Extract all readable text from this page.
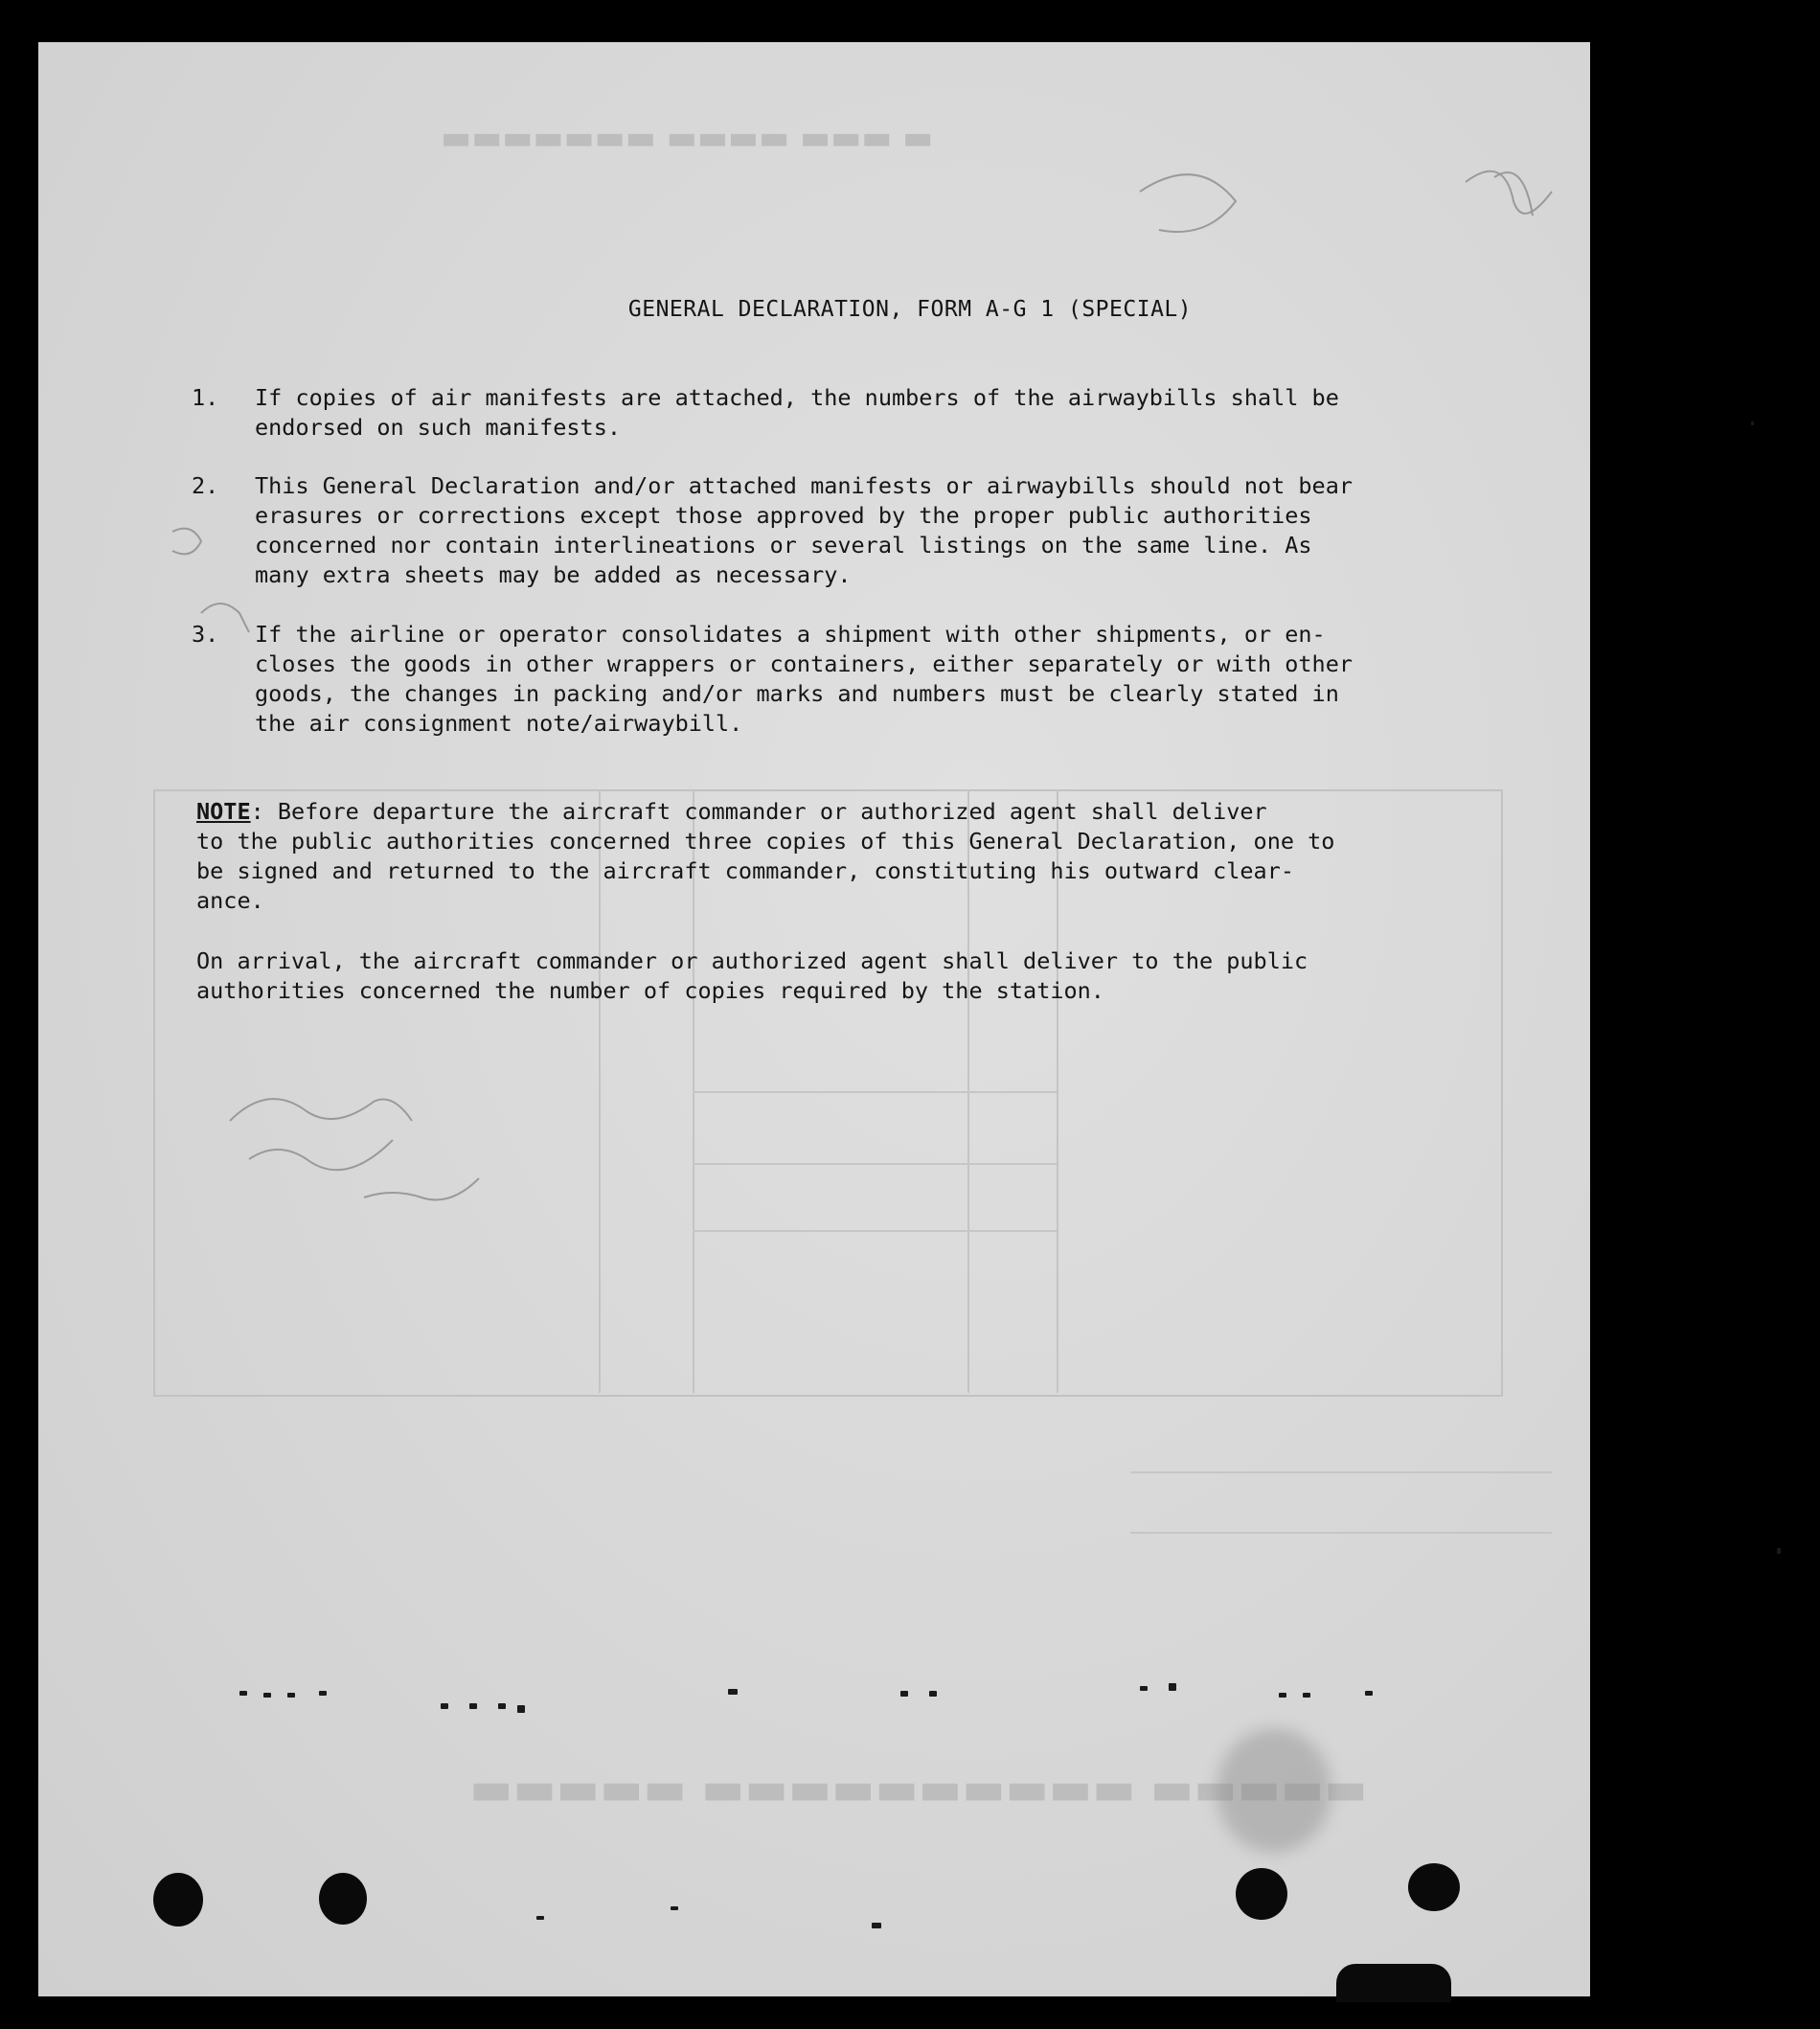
▬ ▬▬▬ ▬▬▬▬ ▬▬▬▬▬▬▬
▬▬▬▬▬ ▬▬▬▬▬▬▬▬▬▬ ▬▬▬▬▬
GENERAL DECLARATION, FORM A-G 1 (SPECIAL)
1. If copies of air manifests are attached, the numbers of the airwaybills shall be
endorsed on such manifests.
2. This General Declaration and/or attached manifests or airwaybills should not bear
erasures or corrections except those approved by the proper public authorities
concerned nor contain interlineations or several listings on the same line. As
many extra sheets may be added as necessary.
3. If the airline or operator consolidates a shipment with other shipments, or en-
closes the goods in other wrappers or containers, either separately or with other
goods, the changes in packing and/or marks and numbers must be clearly stated in
the air consignment note/airwaybill.
NOTE: Before departure the aircraft commander or authorized agent shall deliver
to the public authorities concerned three copies of this General Declaration, one to
be signed and returned to the aircraft commander, constituting his outward clear-
ance.
On arrival, the aircraft commander or authorized agent shall deliver to the public
authorities concerned the number of copies required by the station.
